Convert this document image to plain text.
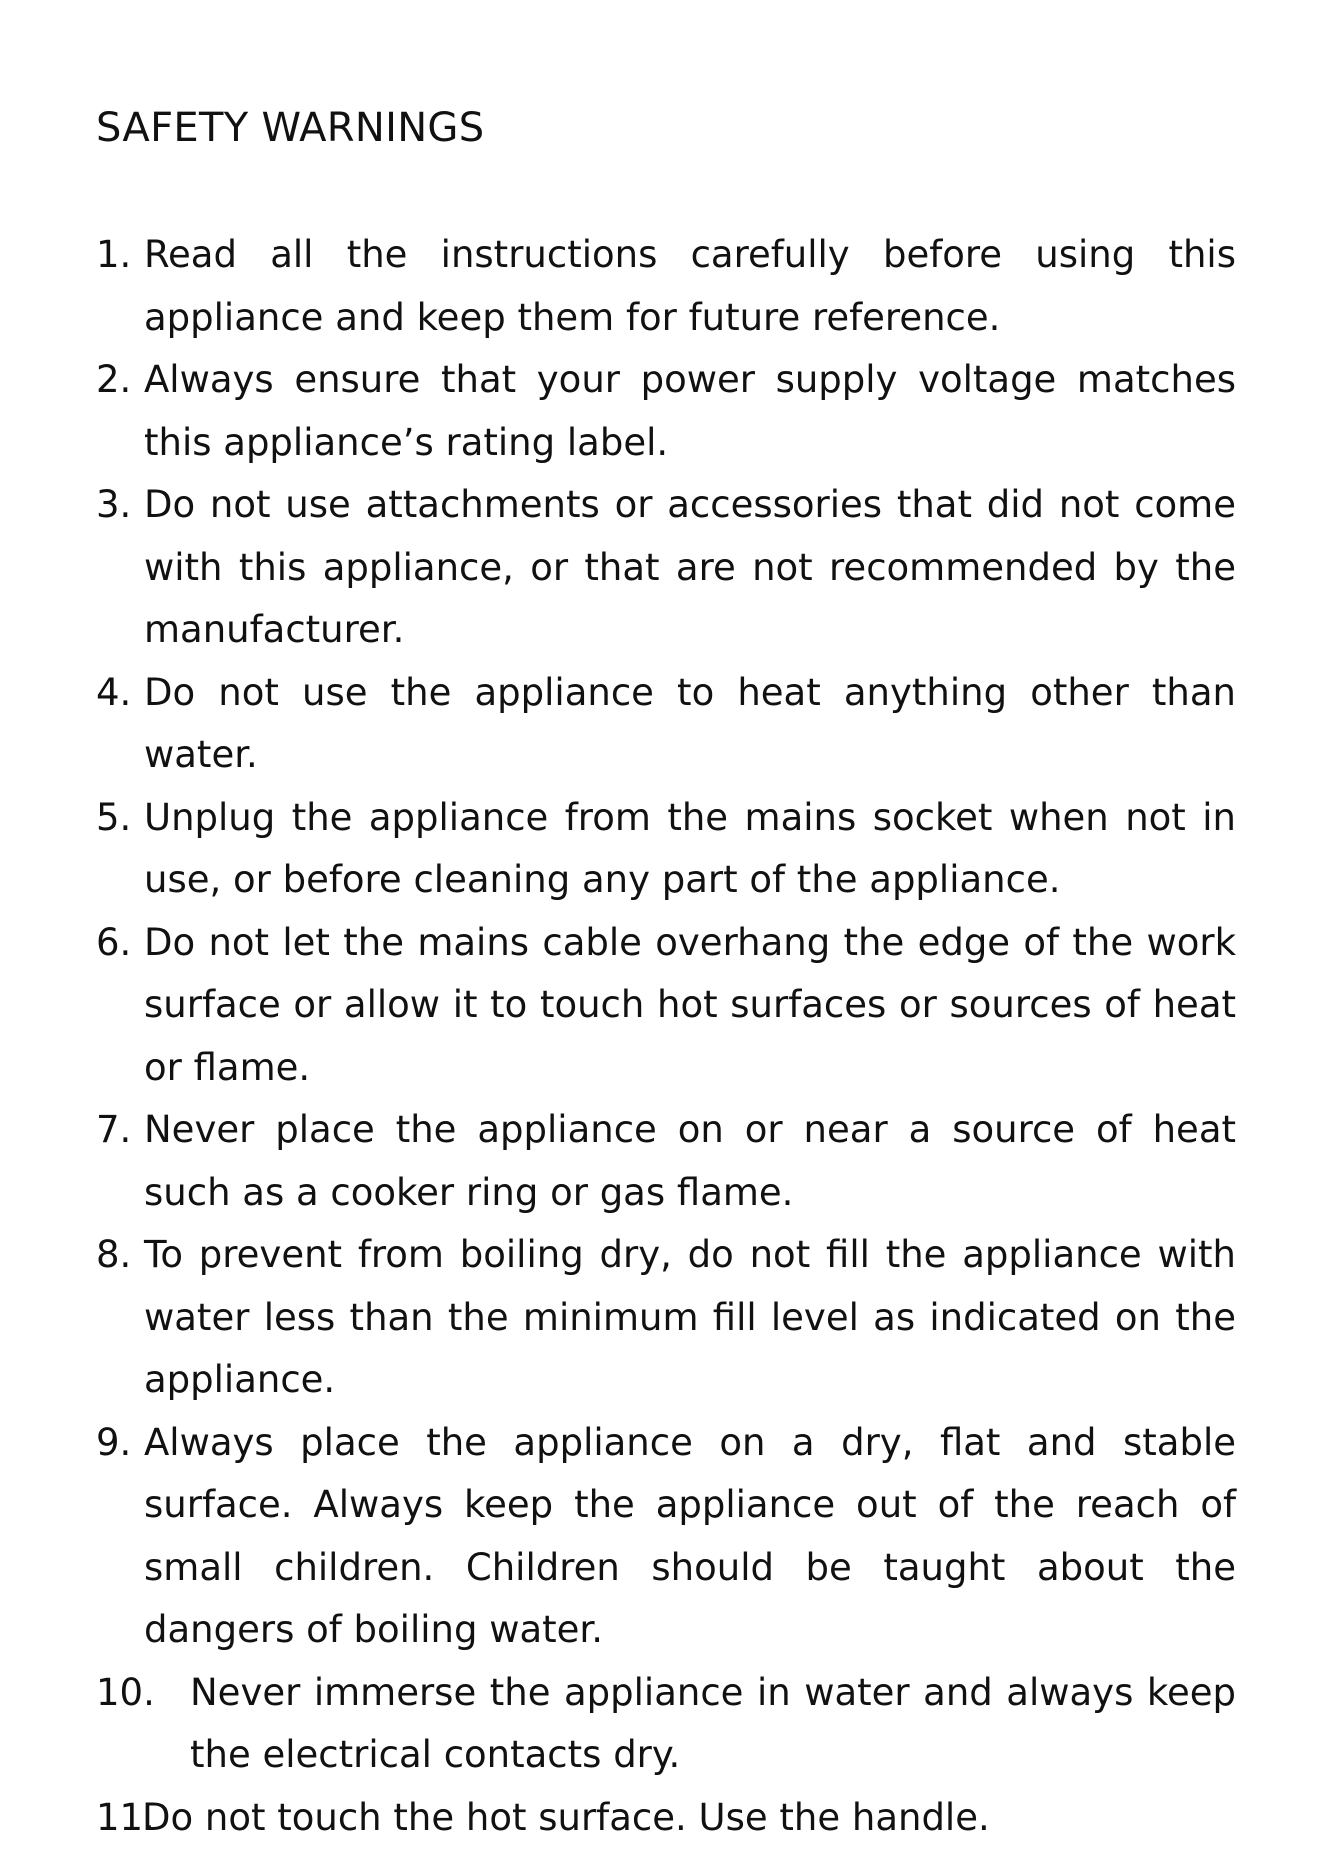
SAFETY WARNINGS
1. Read all the instructions carefully before using this appliance and keep them for future reference.
2. Always ensure that your power supply voltage matches this appliance’s rating label.
3. Do not use attachments or accessories that did not come with this appliance, or that are not recommended by the manufacturer.
4. Do not use the appliance to heat anything other than water.
5. Unplug the appliance from the mains socket when not in use, or before cleaning any part of the appliance.
6. Do not let the mains cable overhang the edge of the work surface or allow it to touch hot surfaces or sources of heat or flame.
7. Never place the appliance on or near a source of heat such as a cooker ring or gas flame.
8. To prevent from boiling dry, do not fill the appliance with water less than the minimum fill level as indicated on the appliance.
9. Always place the appliance on a dry, flat and stable surface. Always keep the appliance out of the reach of small children. Children should be taught about the dangers of boiling water.
10. Never immerse the appliance in water and always keep the electrical contacts dry.
11.
Do not touch the hot surface. Use the handle.
